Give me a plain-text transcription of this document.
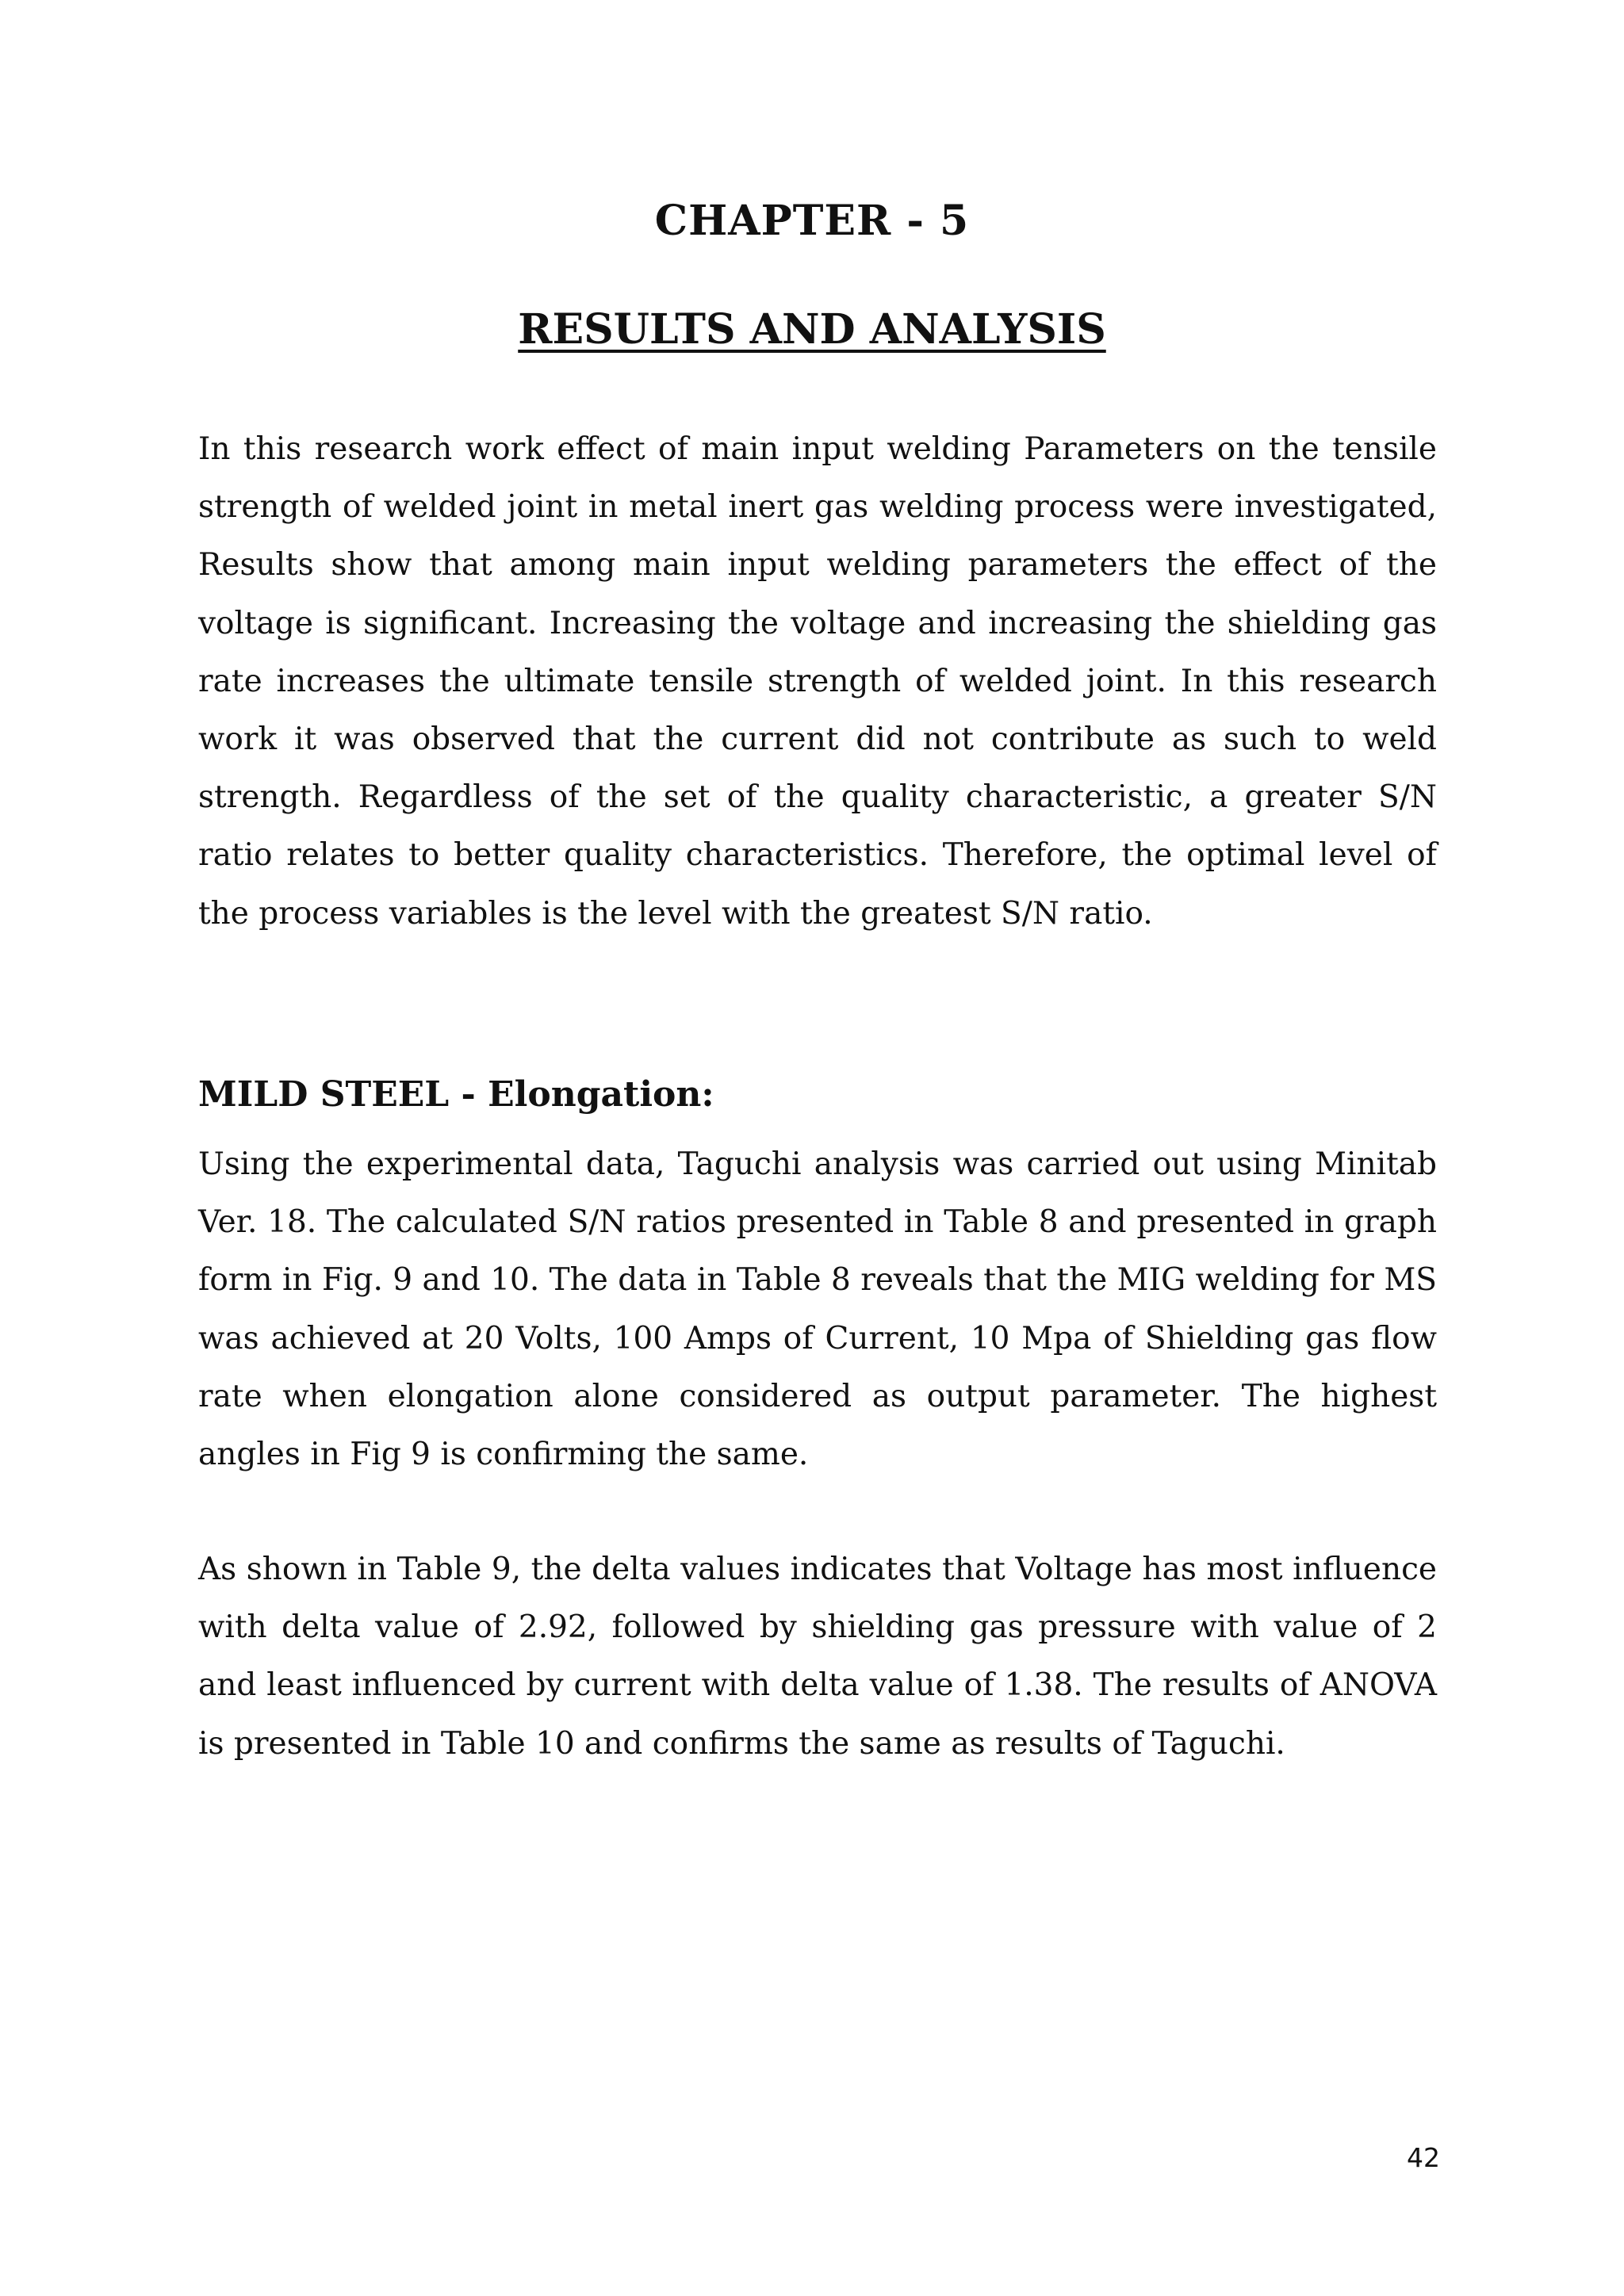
CHAPTER - 5
RESULTS AND ANALYSIS

In this research work effect of main input welding Parameters on the tensile strength of welded joint in metal inert gas welding process were investigated, Results show that among main input welding parameters the effect of the voltage is significant. Increasing the voltage and increasing the shielding gas rate increases the ultimate tensile strength of welded joint. In this research work it was observed that the current did not contribute as such to weld strength. Regardless of the set of the quality characteristic, a greater S/N ratio relates to better quality characteristics. Therefore, the optimal level of the process variables is the level with the greatest S/N ratio.

MILD STEEL - Elongation:

Using the experimental data, Taguchi analysis was carried out using Minitab Ver. 18. The calculated S/N ratios presented in Table 8 and presented in graph form in Fig. 9 and 10. The data in Table 8 reveals that the MIG welding for MS was achieved at 20 Volts, 100 Amps of Current, 10 Mpa of Shielding gas flow rate when elongation alone considered as output parameter. The highest angles in Fig 9 is confirming the same.

As shown in Table 9, the delta values indicates that Voltage has most influence with delta value of 2.92, followed by shielding gas pressure with value of 2 and least influenced by current with delta value of 1.38. The results of ANOVA is presented in Table 10 and confirms the same as results of Taguchi.

42
